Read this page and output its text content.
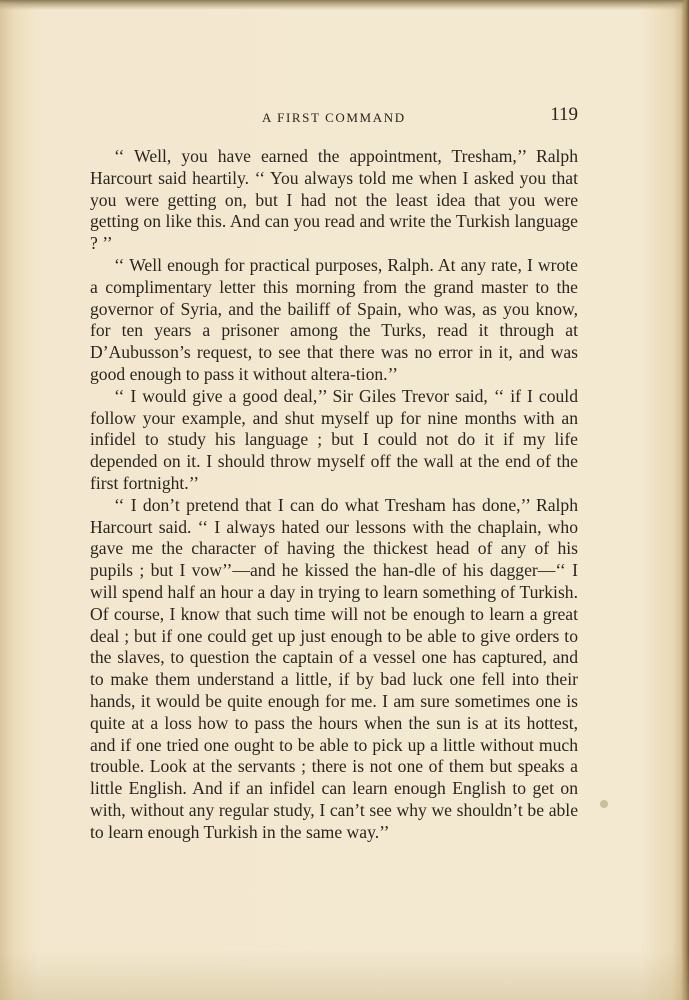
A FIRST COMMAND	119

‘‘ Well, you have earned the appointment, Tresham,’’ Ralph Harcourt said heartily. ‘‘ You always told me when I asked you that you were getting on, but I had not the least idea that you were getting on like this. And can you read and write the Turkish language ? ’’

‘‘ Well enough for practical purposes, Ralph. At any rate, I wrote a complimentary letter this morning from the grand master to the governor of Syria, and the bailiff of Spain, who was, as you know, for ten years a prisoner among the Turks, read it through at D’Aubusson’s request, to see that there was no error in it, and was good enough to pass it without altera-tion.’’

‘‘ I would give a good deal,’’ Sir Giles Trevor said, ‘‘ if I could follow your example, and shut myself up for nine months with an infidel to study his language ; but I could not do it if my life depended on it. I should throw myself off the wall at the end of the first fortnight.’’

‘‘ I don’t pretend that I can do what Tresham has done,’’ Ralph Harcourt said. ‘‘ I always hated our lessons with the chaplain, who gave me the character of having the thickest head of any of his pupils ; but I vow’’—and he kissed the han-dle of his dagger—‘‘ I will spend half an hour a day in trying to learn something of Turkish. Of course, I know that such time will not be enough to learn a great deal ; but if one could get up just enough to be able to give orders to the slaves, to question the captain of a vessel one has captured, and to make them understand a little, if by bad luck one fell into their hands, it would be quite enough for me. I am sure sometimes one is quite at a loss how to pass the hours when the sun is at its hottest, and if one tried one ought to be able to pick up a little without much trouble. Look at the servants ; there is not one of them but speaks a little English. And if an infidel can learn enough English to get on with, without any regular study, I can’t see why we shouldn’t be able to learn enough Turkish in the same way.’’
